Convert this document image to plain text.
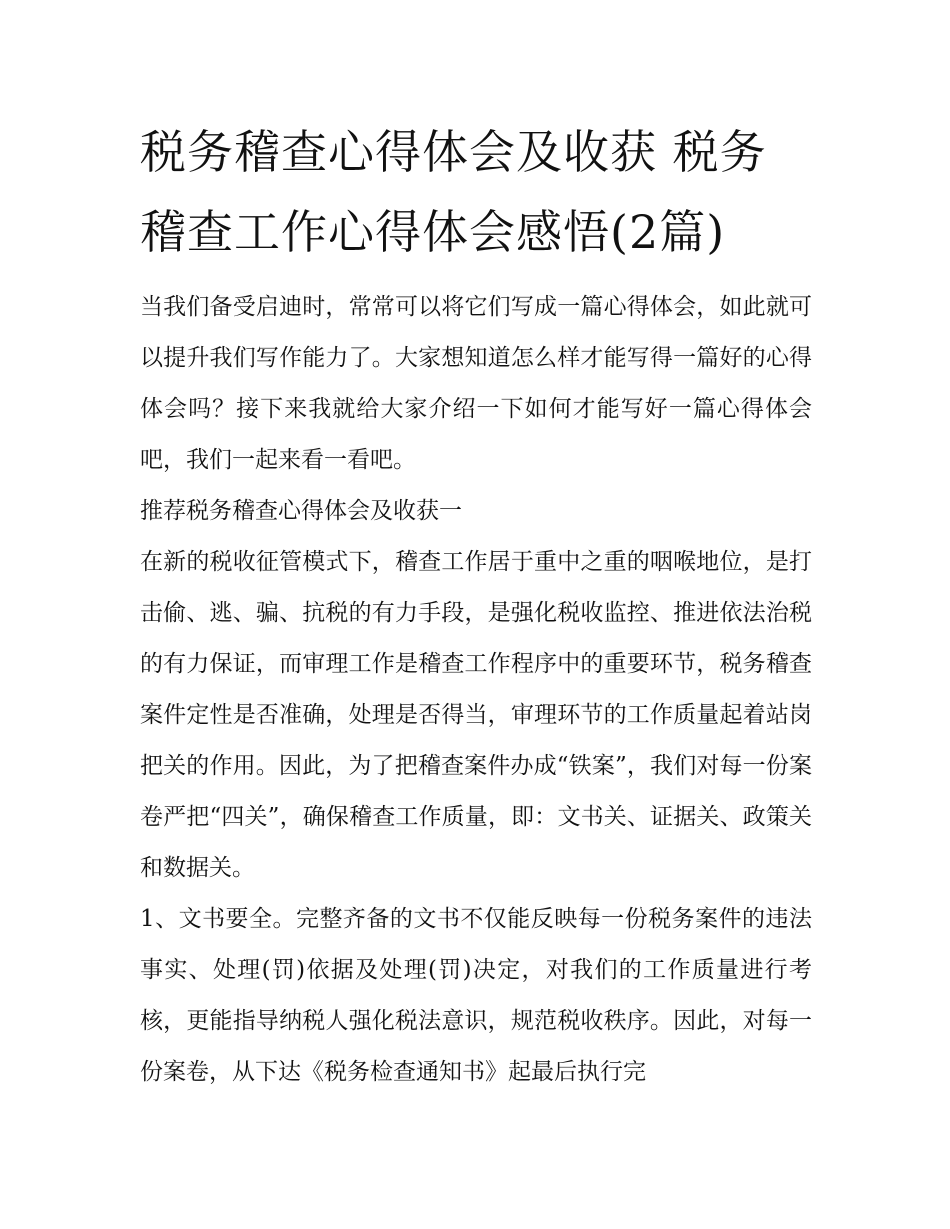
税务稽查心得体会及收获 税务稽查工作心得体会感悟(2篇)

当我们备受启迪时，常常可以将它们写成一篇心得体会，如此就可以提升我们写作能力了。大家想知道怎么样才能写得一篇好的心得体会吗？接下来我就给大家介绍一下如何才能写好一篇心得体会吧，我们一起来看一看吧。

推荐税务稽查心得体会及收获一

在新的税收征管模式下，稽查工作居于重中之重的咽喉地位，是打击偷、逃、骗、抗税的有力手段，是强化税收监控、推进依法治税的有力保证，而审理工作是稽查工作程序中的重要环节，税务稽查案件定性是否准确，处理是否得当，审理环节的工作质量起着站岗把关的作用。因此，为了把稽查案件办成“铁案”，我们对每一份案卷严把“四关”，确保稽查工作质量，即：文书关、证据关、政策关和数据关。

1、文书要全。完整齐备的文书不仅能反映每一份税务案件的违法事实、处理(罚)依据及处理(罚)决定，对我们的工作质量进行考核，更能指导纳税人强化税法意识，规范税收秩序。因此，对每一份案卷，从下达《税务检查通知书》起最后执行完
